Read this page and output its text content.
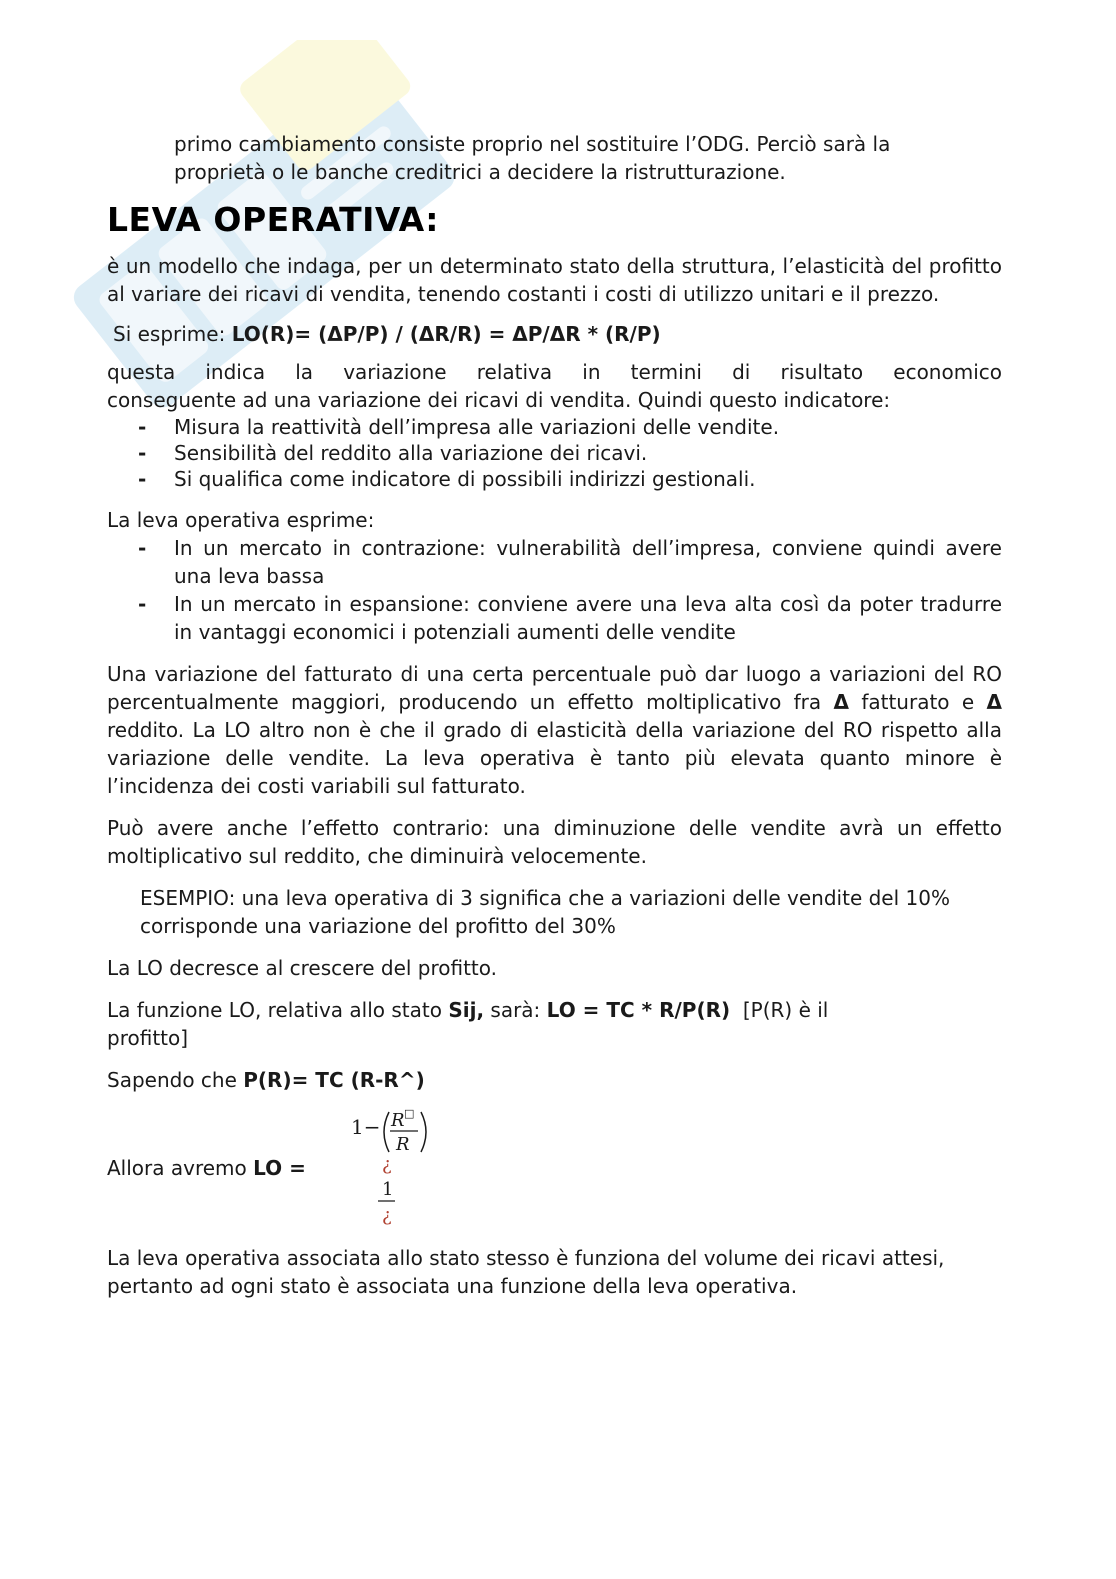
primo cambiamento consiste proprio nel sostituire l’ODG. Perciò sarà la

proprietà o le banche creditrici a decidere la ristrutturazione.

LEVA OPERATIVA:

è un modello che indaga, per un determinato stato della struttura, l’elasticità del profitto al variare dei ricavi di vendita, tenendo costanti i costi di utilizzo unitari e il prezzo.

Si esprime: LO(R)= (ΔP/P) / (ΔR/R) = ΔP/ΔR * (R/P)

questa indica la variazione relativa in termini di risultato economico

conseguente ad una variazione dei ricavi di vendita. Quindi questo indicatore:

- Misura la reattività dell’impresa alle variazioni delle vendite.
- Sensibilità del reddito alla variazione dei ricavi.
- Si qualifica come indicatore di possibili indirizzi gestionali.

La leva operativa esprime:

- In un mercato in contrazione: vulnerabilità dell’impresa, conviene quindi avere una leva bassa
- In un mercato in espansione: conviene avere una leva alta così da poter tradurre in vantaggi economici i potenziali aumenti delle vendite

Una variazione del fatturato di una certa percentuale può dar luogo a variazioni del RO percentualmente maggiori, producendo un effetto moltiplicativo fra Δ fatturato e Δ reddito. La LO altro non è che il grado di elasticità della variazione del RO rispetto alla variazione delle vendite. La leva operativa è tanto più elevata quanto minore è l’incidenza dei costi variabili sul fatturato.

Può avere anche l’effetto contrario: una diminuzione delle vendite avrà un effetto moltiplicativo sul reddito, che diminuirà velocemente.

ESEMPIO: una leva operativa di 3 significa che a variazioni delle vendite del 10% corrisponde una variazione del profitto del 30%

La LO decresce al crescere del profitto.

La funzione LO, relativa allo stato Sij, sarà: LO = TC * R/P(R) [P(R) è il
profitto]

Sapendo che P(R)= TC (R-R^)

Allora avremo LO =

1− R □
R
¿
1
¿

La leva operativa associata allo stato stesso è funziona del volume dei ricavi attesi, pertanto ad ogni stato è associata una funzione della leva operativa.
